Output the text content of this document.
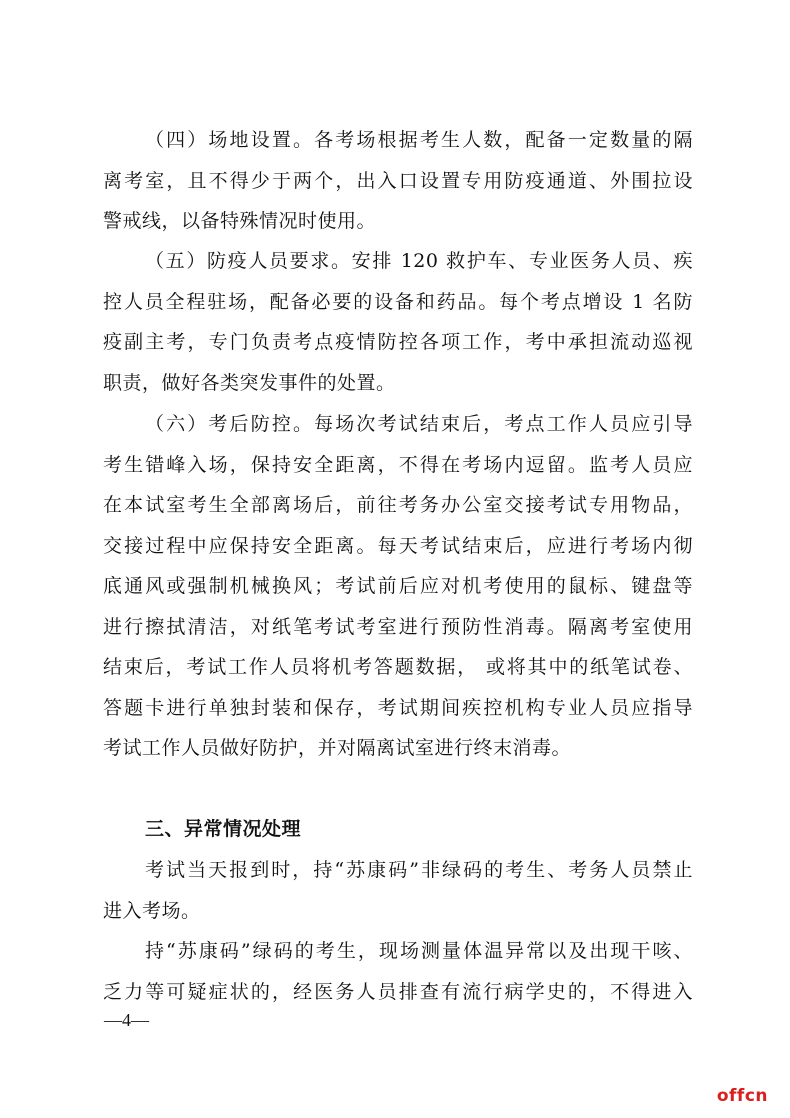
（四）场地设置。各考场根据考生人数，配备一定数量的隔
离考室，且不得少于两个，出入口设置专用防疫通道、外围拉设
警戒线，以备特殊情况时使用。
（五）防疫人员要求。安排 120 救护车、专业医务人员、疾
控人员全程驻场，配备必要的设备和药品。每个考点增设 1 名防
疫副主考，专门负责考点疫情防控各项工作，考中承担流动巡视
职责，做好各类突发事件的处置。
（六）考后防控。每场次考试结束后，考点工作人员应引导
考生错峰入场，保持安全距离，不得在考场内逗留。监考人员应
在本试室考生全部离场后，前往考务办公室交接考试专用物品，
交接过程中应保持安全距离。每天考试结束后，应进行考场内彻
底通风或强制机械换风；考试前后应对机考使用的鼠标、键盘等
进行擦拭清洁，对纸笔考试考室进行预防性消毒。隔离考室使用
结束后，考试工作人员将机考答题数据， 或将其中的纸笔试卷、
答题卡进行单独封装和保存，考试期间疾控机构专业人员应指导
考试工作人员做好防护，并对隔离试室进行终末消毒。
三、异常情况处理
考试当天报到时，持“苏康码”非绿码的考生、考务人员禁止
进入考场。
持“苏康码”绿码的考生，现场测量体温异常以及出现干咳、
乏力等可疑症状的，经医务人员排查有流行病学史的，不得进入
—4—
offcn
